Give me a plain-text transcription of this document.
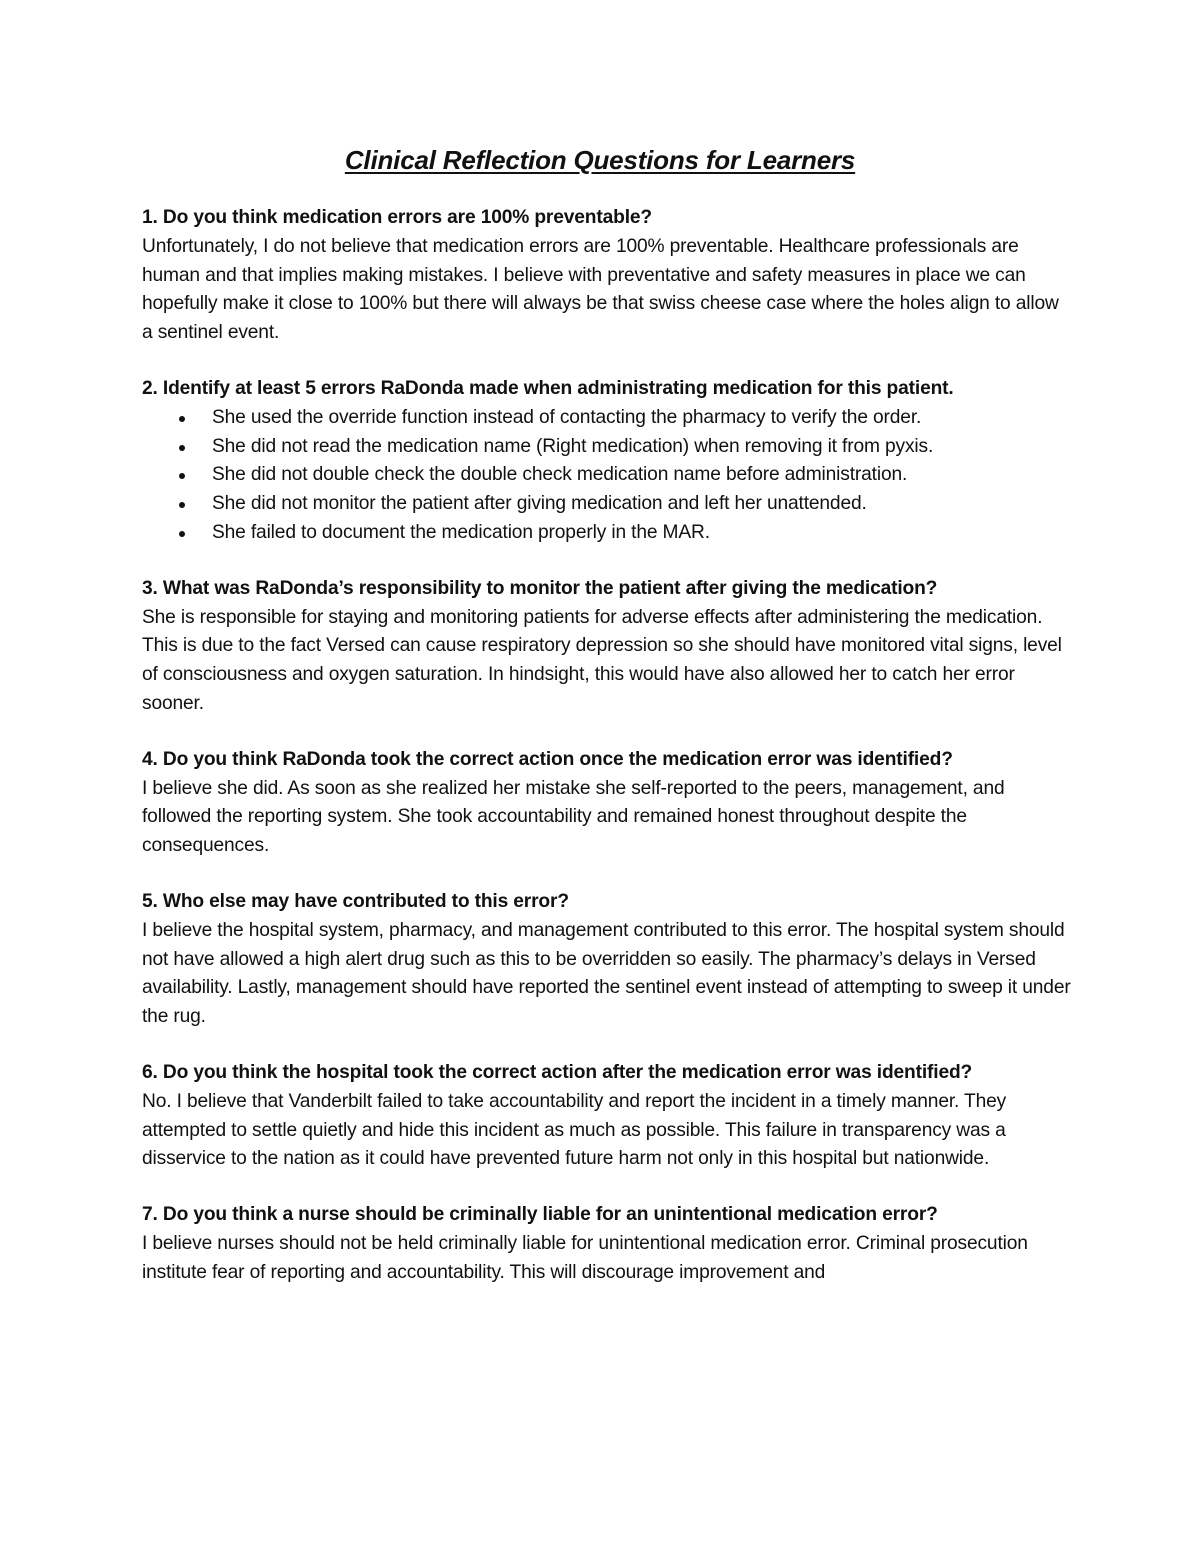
Clinical Reflection Questions for Learners
1. Do you think medication errors are 100% preventable?
Unfortunately, I do not believe that medication errors are 100% preventable. Healthcare professionals are human and that implies making mistakes. I believe with preventative and safety measures in place we can hopefully make it close to 100% but there will always be that swiss cheese case where the holes align to allow a sentinel event.
2. Identify at least 5 errors RaDonda made when administrating medication for this patient.
She used the override function instead of contacting the pharmacy to verify the order.
She did not read the medication name (Right medication) when removing it from pyxis.
She did not double check the double check medication name before administration.
She did not monitor the patient after giving medication and left her unattended.
She failed to document the medication properly in the MAR.
3. What was RaDonda’s responsibility to monitor the patient after giving the medication?
She is responsible for staying and monitoring patients for adverse effects after administering the medication. This is due to the fact Versed can cause respiratory depression so she should have monitored vital signs, level of consciousness and oxygen saturation. In hindsight, this would have also allowed her to catch her error sooner.
4. Do you think RaDonda took the correct action once the medication error was identified?
I believe she did. As soon as she realized her mistake she self-reported to the peers, management, and followed the reporting system. She took accountability and remained honest throughout despite the consequences.
5. Who else may have contributed to this error?
I believe the hospital system, pharmacy, and management contributed to this error. The hospital system should not have allowed a high alert drug such as this to be overridden so easily. The pharmacy’s delays in Versed availability. Lastly, management should have reported the sentinel event instead of attempting to sweep it under the rug.
6. Do you think the hospital took the correct action after the medication error was identified?
No. I believe that Vanderbilt failed to take accountability and report the incident in a timely manner. They attempted to settle quietly and hide this incident as much as possible. This failure in transparency was a disservice to the nation as it could have prevented future harm not only in this hospital but nationwide.
7. Do you think a nurse should be criminally liable for an unintentional medication error?
I believe nurses should not be held criminally liable for unintentional medication error. Criminal prosecution institute fear of reporting and accountability. This will discourage improvement and
